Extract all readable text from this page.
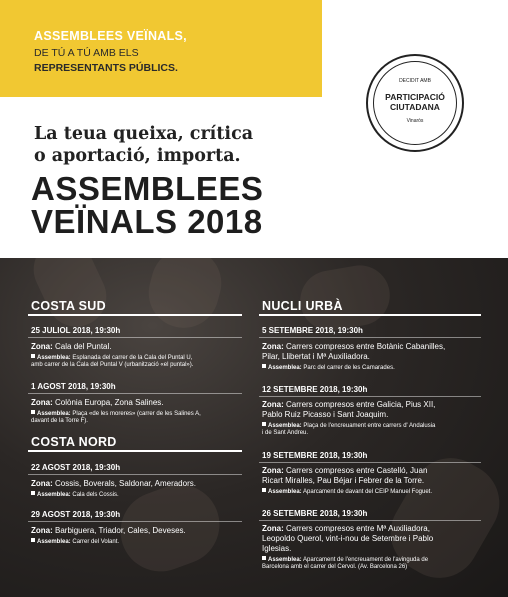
ASSEMBLEES VEÏNALS,
DE TÚ A TÚ AMB ELS
REPRESENTANTS PÚBLICS.
DECIDIT AMB
PARTICIPACIÓ
CIUTADANA
Vinaròs
La teua queixa, crítica
o aportació, importa.
ASSEMBLEES
VEÏNALS 2018
COSTA SUD
25 JULIOL 2018, 19:30h
Zona: Cala del Puntal.
Assemblea: Esplanada del carrer de la Cala del Puntal U,
amb carrer de la Cala del Puntal V (urbanització «el puntal»).
1 AGOST 2018, 19:30h
Zona: Colònia Europa, Zona Salines.
Assemblea: Plaça «de les moreres» (carrer de les Salines A,
davant de la Torre F).
COSTA NORD
22 AGOST 2018, 19:30h
Zona: Cossis, Boverals, Saldonar, Ameradors.
Assemblea: Cala dels Cossis.
29 AGOST 2018, 19:30h
Zona: Barbiguera, Triador, Cales, Deveses.
Assemblea: Carrer del Volant.
NUCLI URBÀ
5 SETEMBRE 2018, 19:30h
Zona: Carrers compresos entre Botànic Cabanilles,
Pilar, Llibertat i Mª Auxiliadora.
Assemblea: Parc del carrer de les Camarades.
12 SETEMBRE 2018, 19:30h
Zona: Carrers compresos entre Galicia, Pius XII,
Pablo Ruiz Picasso i Sant Joaquim.
Assemblea: Plaça de l'encreuament entre carrers d' Andalusia
i de Sant Andreu.
19 SETEMBRE 2018, 19:30h
Zona: Carrers compresos entre Castelló, Juan
Ricart Miralles, Pau Béjar i Febrer de la Torre.
Assemblea: Aparcament de davant del CEIP Manuel Foguet.
26 SETEMBRE 2018, 19:30h
Zona: Carrers compresos entre Mª Auxiliadora,
Leopoldo Querol, vint-i-nou de Setembre i Pablo
Iglesias.
Assemblea: Aparcament de l'encreuament de l'avinguda de
Barcelona amb el carrer del Cervol. (Av. Barcelona 26)
